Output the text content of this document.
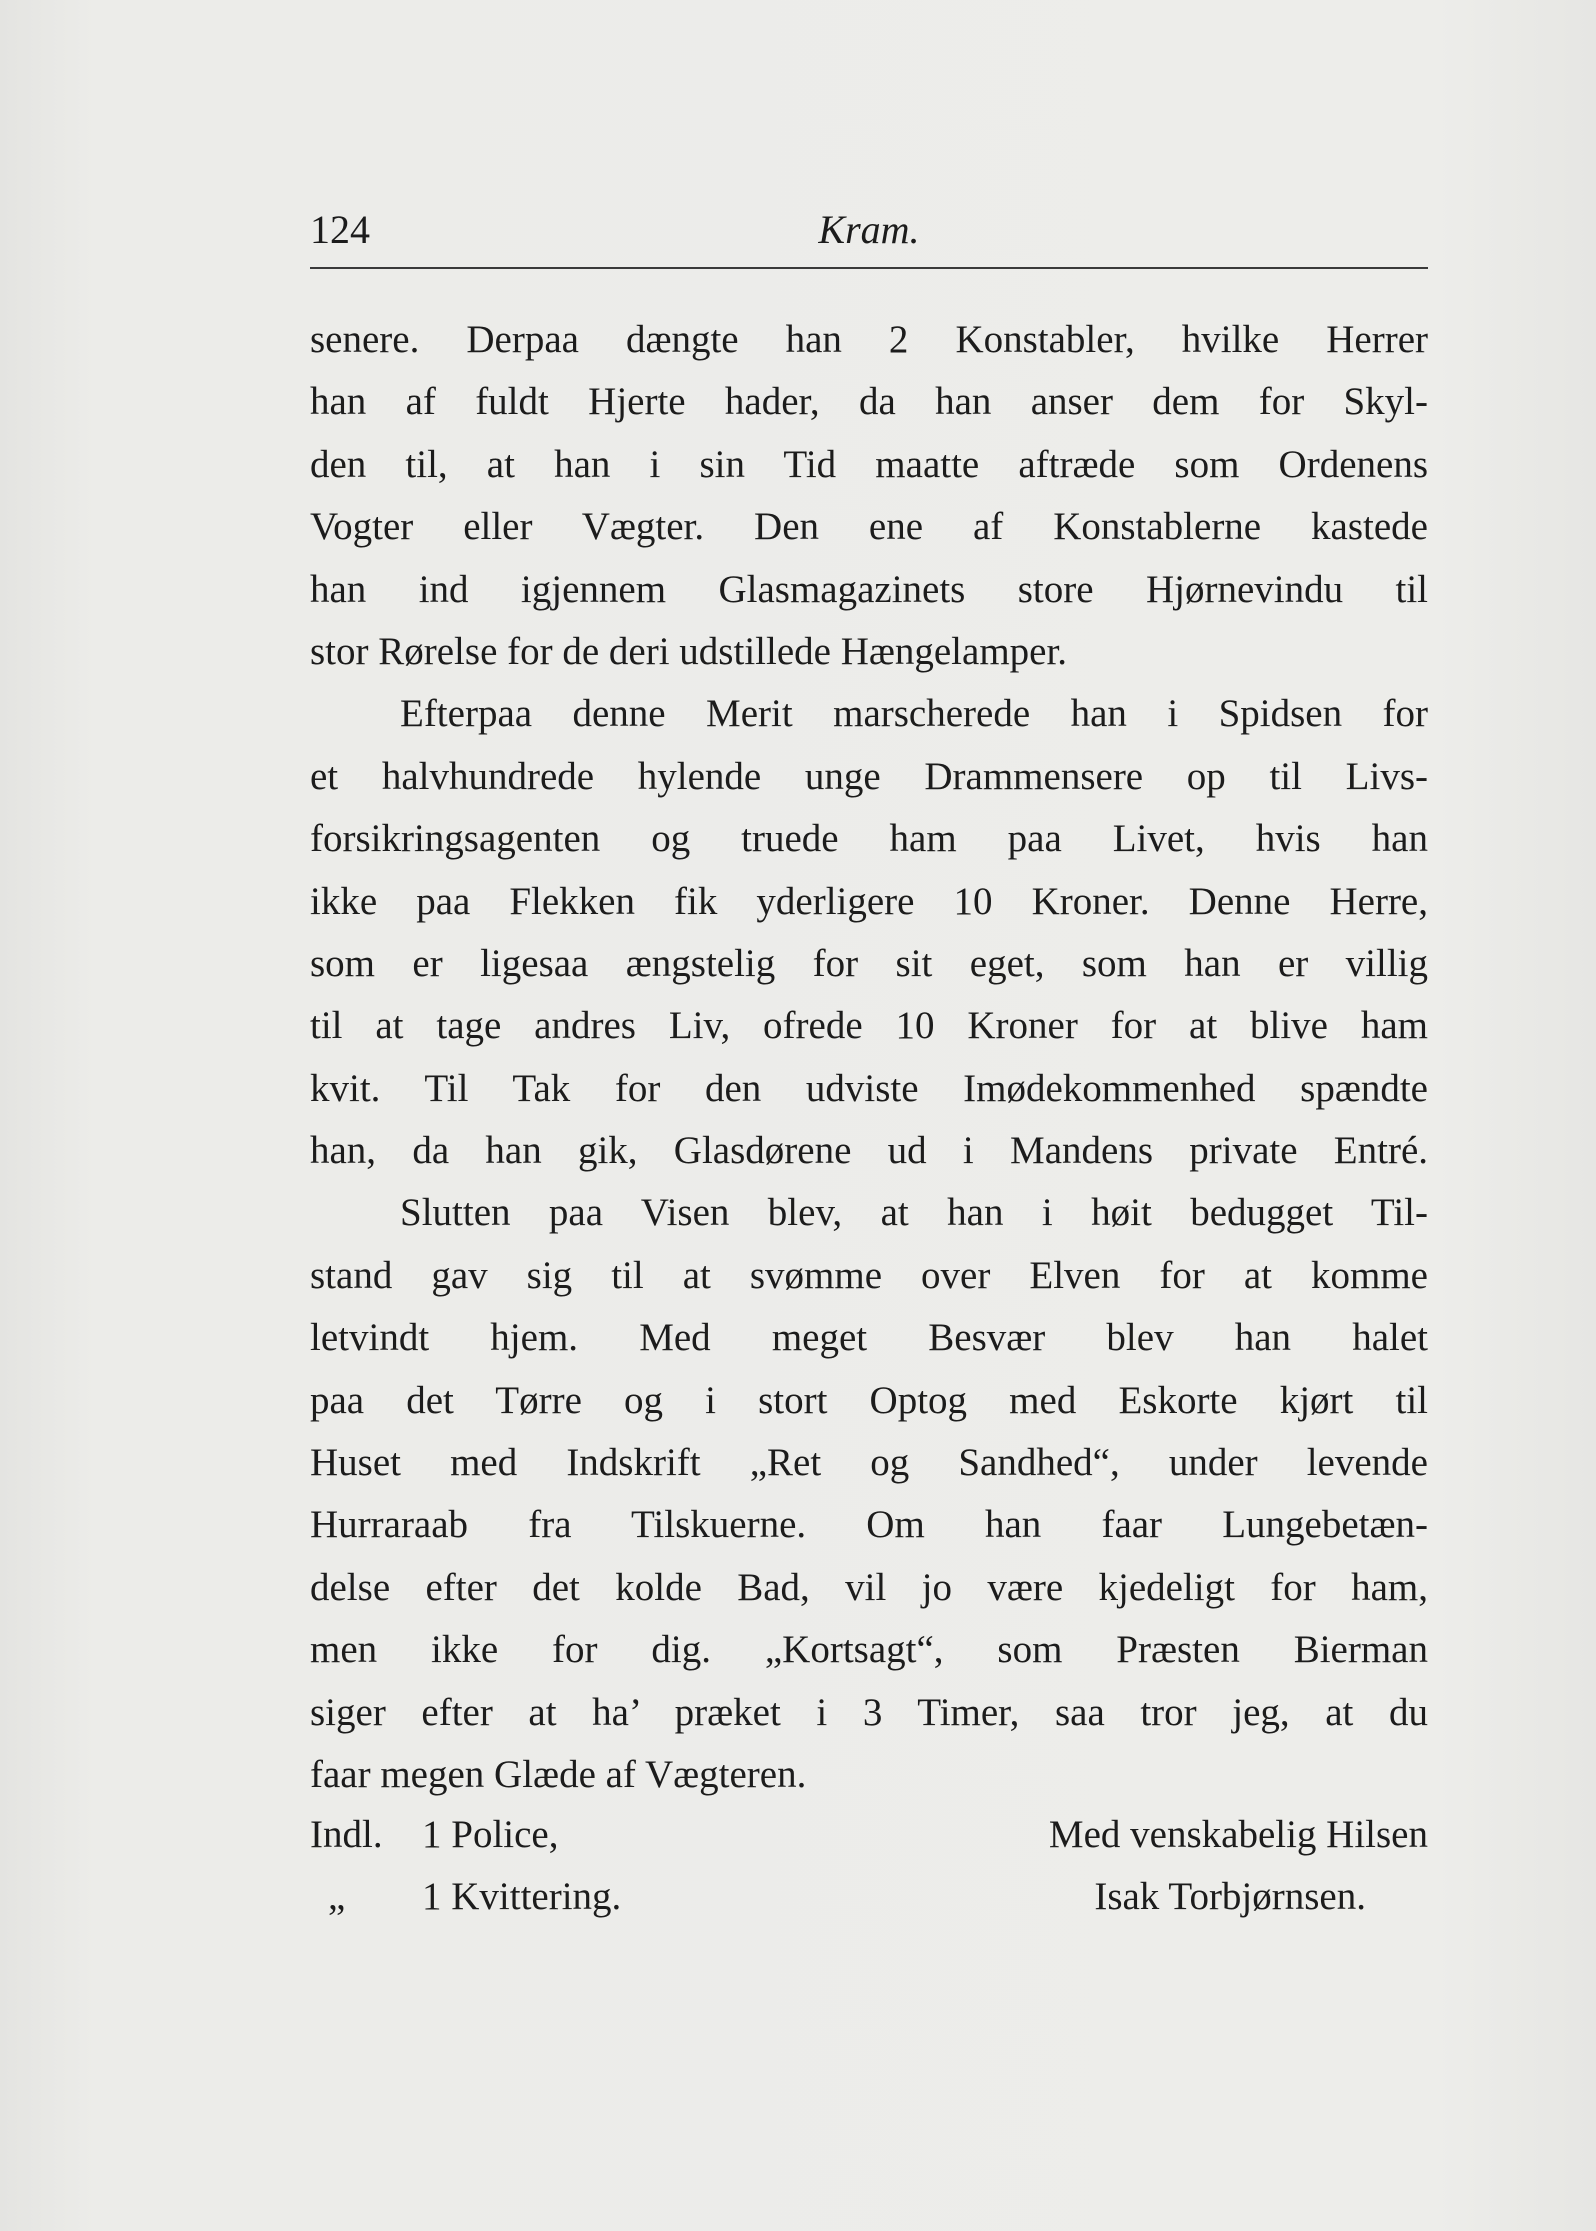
124	Kram.
senere. Derpaa dængte han 2 Konstabler, hvilke Herrer
han af fuldt Hjerte hader, da han anser dem for Skyl-
den til, at han i sin Tid maatte aftræde som Ordenens
Vogter eller Vægter. Den ene af Konstablerne kastede
han ind igjennem Glasmagazinets store Hjørnevindu til
stor Rørelse for de deri udstillede Hængelamper.
Efterpaa denne Merit marscherede han i Spidsen for
et halvhundrede hylende unge Drammensere op til Livs-
forsikringsagenten og truede ham paa Livet, hvis han
ikke paa Flekken fik yderligere 10 Kroner. Denne Herre,
som er ligesaa ængstelig for sit eget, som han er villig
til at tage andres Liv, ofrede 10 Kroner for at blive ham
kvit. Til Tak for den udviste Imødekommenhed spændte
han, da han gik, Glasdørene ud i Mandens private Entré.
Slutten paa Visen blev, at han i høit bedugget Til-
stand gav sig til at svømme over Elven for at komme
letvindt hjem. Med meget Besvær blev han halet
paa det Tørre og i stort Optog med Eskorte kjørt til
Huset med Indskrift „Ret og Sandhed“, under levende
Hurraraab fra Tilskuerne. Om han faar Lungebetæn-
delse efter det kolde Bad, vil jo være kjedeligt for ham,
men ikke for dig. „Kortsagt“, som Præsten Bierman
siger efter at ha’ præket i 3 Timer, saa tror jeg, at du
faar megen Glæde af Vægteren.
Indl. 1 Police,
„ 1 Kvittering.
Med venskabelig Hilsen
Isak Torbjørnsen.
